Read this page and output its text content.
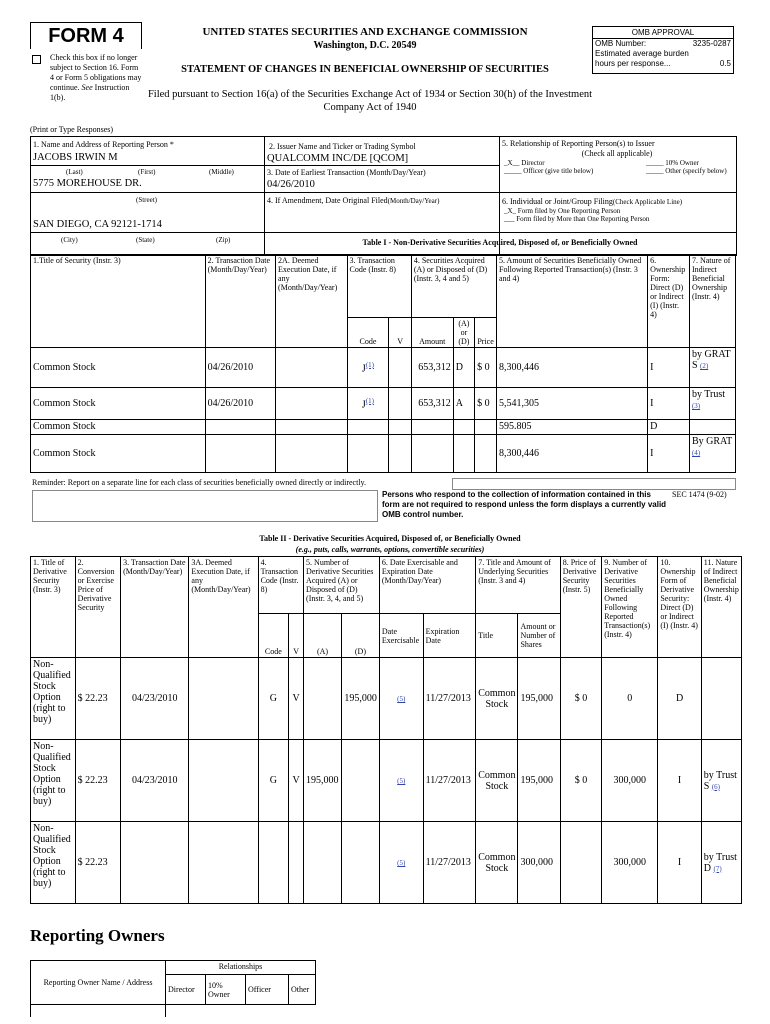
FORM 4
Check this box if no longer subject to Section 16. Form 4 or Form 5 obligations may continue. See Instruction 1(b).
UNITED STATES SECURITIES AND EXCHANGE COMMISSION
Washington, D.C. 20549
STATEMENT OF CHANGES IN BENEFICIAL OWNERSHIP OF SECURITIES
Filed pursuant to Section 16(a) of the Securities Exchange Act of 1934 or Section 30(h) of the Investment Company Act of 1940
OMB APPROVAL
OMB Number:	3235-0287
Estimated average burden
hours per response...	0.5
(Print or Type Responses)
1. Name and Address of Reporting Person *
JACOBS IRWIN M
(Last)	(First)	(Middle)
5775 MOREHOUSE DR.
(Street)
SAN DIEGO, CA 92121-1714
(City)	(State)	(Zip)
2. Issuer Name and Ticker or Trading Symbol
QUALCOMM INC/DE [QCOM]
3. Date of Earliest Transaction (Month/Day/Year)
04/26/2010
4. If Amendment, Date Original Filed(Month/Day/Year)
5. Relationship of Reporting Person(s) to Issuer
(Check all applicable)
_X__ Director	_____ 10% Owner
_____ Officer (give title below)	_____ Other (specify below)
6. Individual or Joint/Group Filing(Check Applicable Line)
_X_ Form filed by One Reporting Person
___ Form filed by More than One Reporting Person
Table I - Non-Derivative Securities Acquired, Disposed of, or Beneficially Owned
1.Title of Security (Instr. 3)	2. Transaction Date (Month/Day/Year)	2A. Deemed Execution Date, if any (Month/Day/Year)	3. Transaction Code (Instr. 8)		4. Securities Acquired (A) or Disposed of (D) (Instr. 3, 4 and 5)			5. Amount of Securities Beneficially Owned Following Reported Transaction(s) (Instr. 3 and 4)	6. Ownership Form: Direct (D) or Indirect (I) (Instr. 4)	7. Nature of Indirect Beneficial Ownership (Instr. 4)
			Code	V	Amount	(A) or (D)	Price			
Common Stock	04/26/2010		J$^{(1)}$		653,312	D	$ 0	8,300,446	I	by GRAT S (2)
Common Stock	04/26/2010		J$^{(1)}$		653,312	A	$ 0	5,541,305	I	by Trust (3)
Common Stock								595.805	D	
Common Stock								8,300,446	I	By GRAT (4)
Reminder: Report on a separate line for each class of securities beneficially owned directly or indirectly.
Persons who respond to the collection of information contained in this form are not required to respond unless the form displays a currently valid OMB control number.
SEC 1474 (9-02)
Table II - Derivative Securities Acquired, Disposed of, or Beneficially Owned
(e.g., puts, calls, warrants, options, convertible securities)
1. Title of Derivative Security (Instr. 3)	2. Conversion or Exercise Price of Derivative Security	3. Transaction Date (Month/Day/Year)	3A. Deemed Execution Date, if any (Month/Day/Year)	4. Transaction Code (Instr. 8)		5. Number of Derivative Securities Acquired (A) or Disposed of (D) (Instr. 3, 4, and 5)		6. Date Exercisable and Expiration Date (Month/Day/Year)		7. Title and Amount of Underlying Securities (Instr. 3 and 4)		8. Price of Derivative Security (Instr. 5)	9. Number of Derivative Securities Beneficially Owned Following Reported Transaction(s) (Instr. 4)	10. Ownership Form of Derivative Security: Direct (D) or Indirect (I) (Instr. 4)	11. Nature of Indirect Beneficial Ownership (Instr. 4)
				Code	V	(A)	(D)	Date Exercisable	Expiration Date	Title	Amount or Number of Shares				
Non-Qualified Stock Option (right to buy)	$ 22.23	04/23/2010		G	V		195,000	(5)	11/27/2013	Common Stock	195,000	$ 0	0	D	
Non-Qualified Stock Option (right to buy)	$ 22.23	04/23/2010		G	V	195,000		(5)	11/27/2013	Common Stock	195,000	$ 0	300,000	I	by Trust S (6)
Non-Qualified Stock Option (right to buy)	$ 22.23							(5)	11/27/2013	Common Stock	300,000		300,000	I	by Trust D (7)
Reporting Owners
Reporting Owner Name / Address	Relationships			
	Director	10% Owner	Officer	Other
